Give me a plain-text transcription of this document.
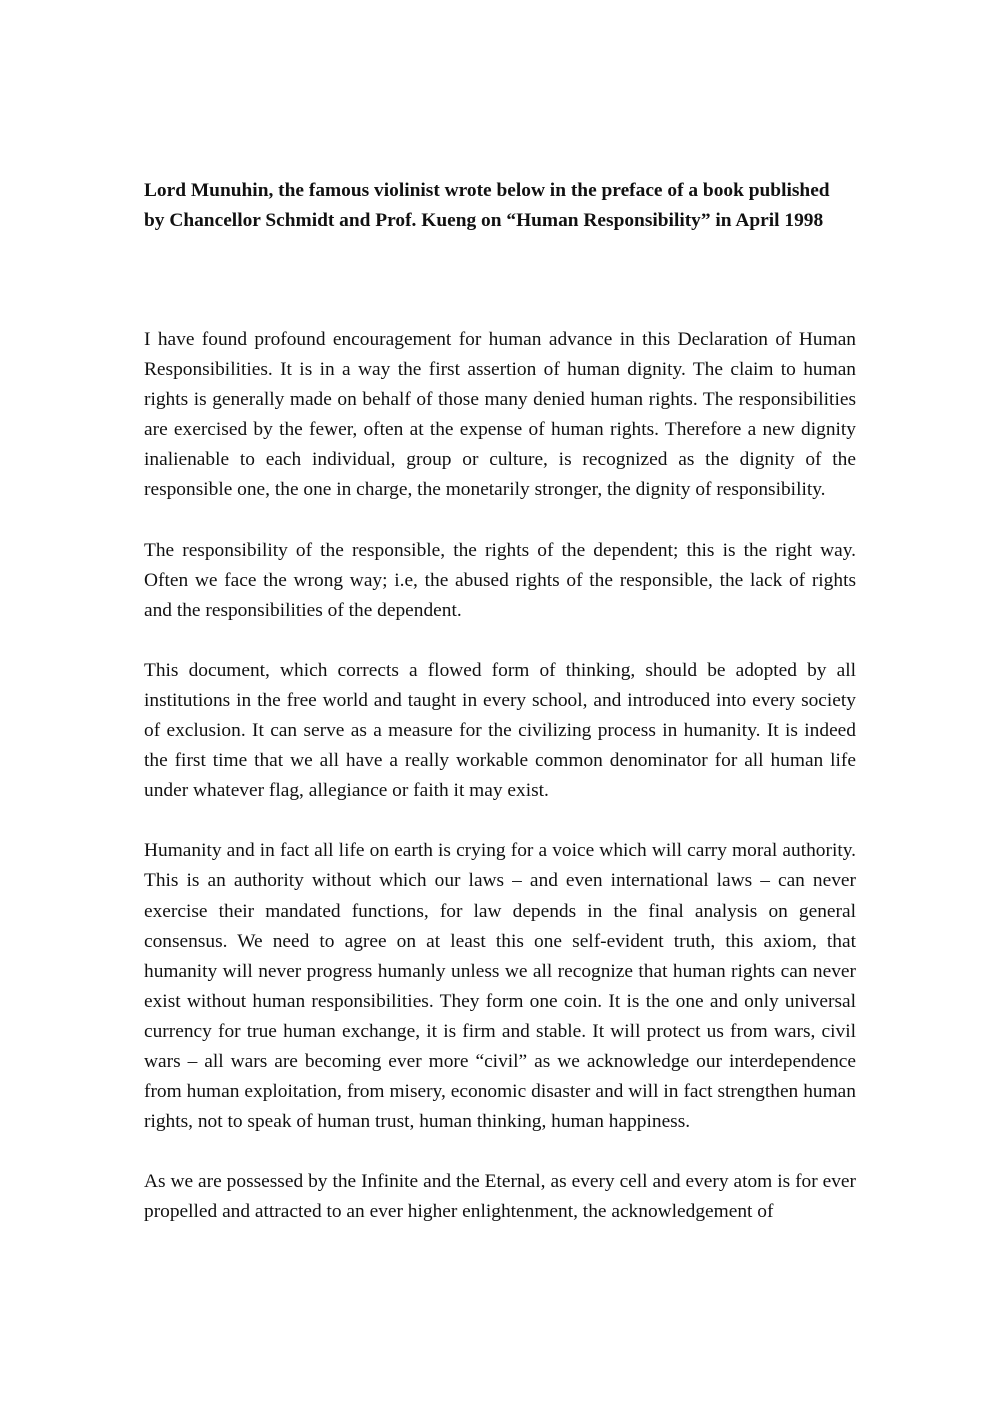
Lord Munuhin, the famous violinist wrote below in the preface of a book published
by Chancellor Schmidt and Prof. Kueng on “Human Responsibility” in April 1998

I have found profound encouragement for human advance in this Declaration of Human Responsibilities. It is in a way the first assertion of human dignity. The claim to human rights is generally made on behalf of those many denied human rights. The responsibilities are exercised by the fewer, often at the expense of human rights. Therefore a new dignity inalienable to each individual, group or culture, is recognized as the dignity of the responsible one, the one in charge, the monetarily stronger, the dignity of responsibility.

The responsibility of the responsible, the rights of the dependent; this is the right way. Often we face the wrong way; i.e, the abused rights of the responsible, the lack of rights and the responsibilities of the dependent.

This document, which corrects a flowed form of thinking, should be adopted by all institutions in the free world and taught in every school, and introduced into every society of exclusion. It can serve as a measure for the civilizing process in humanity. It is indeed the first time that we all have a really workable common denominator for all human life under whatever flag, allegiance or faith it may exist.

Humanity and in fact all life on earth is crying for a voice which will carry moral authority. This is an authority without which our laws – and even international laws – can never exercise their mandated functions, for law depends in the final analysis on general consensus. We need to agree on at least this one self-evident truth, this axiom, that humanity will never progress humanly unless we all recognize that human rights can never exist without human responsibilities. They form one coin. It is the one and only universal currency for true human exchange, it is firm and stable. It will protect us from wars, civil wars – all wars are becoming ever more “civil” as we acknowledge our interdependence from human exploitation, from misery, economic disaster and will in fact strengthen human rights, not to speak of human trust, human thinking, human happiness.

As we are possessed by the Infinite and the Eternal, as every cell and every atom is for ever propelled and attracted to an ever higher enlightenment, the acknowledgement of
